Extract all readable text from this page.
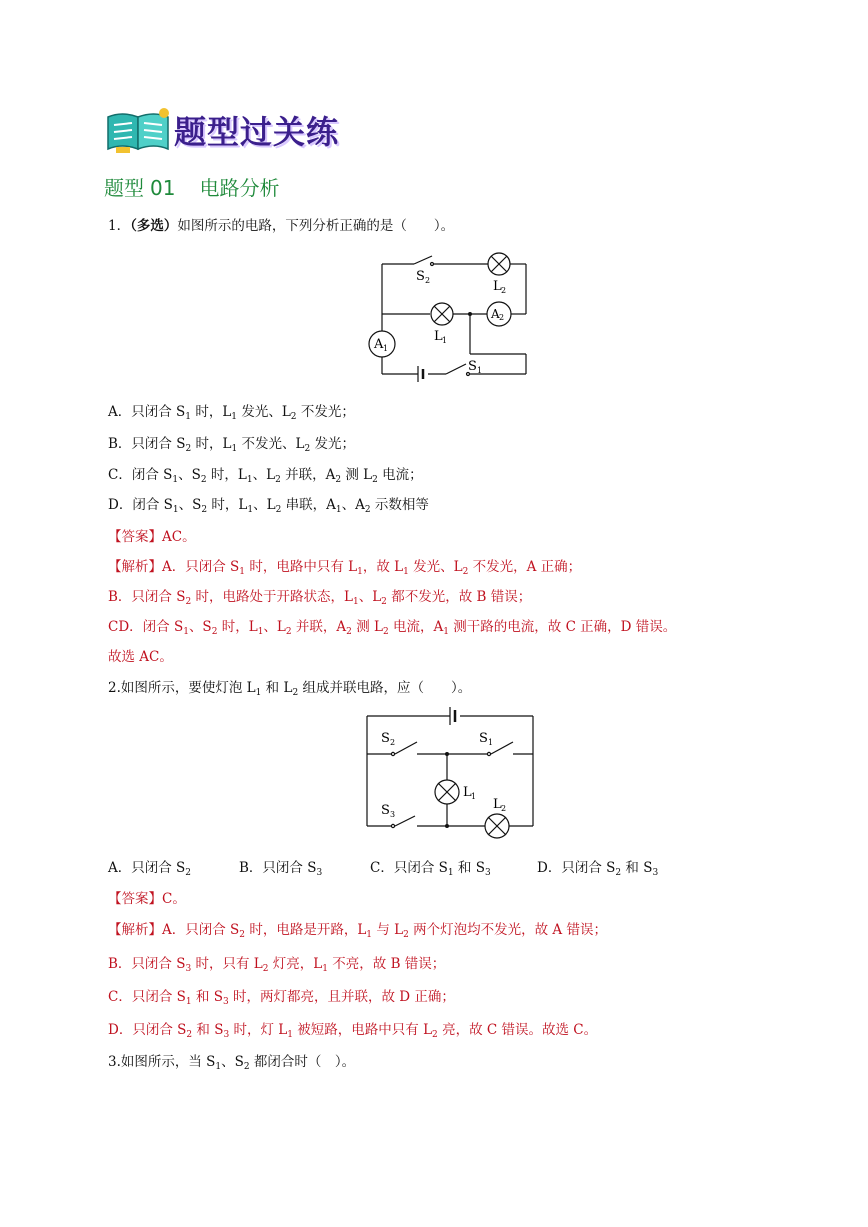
题型过关练
题型 01 电路分析
1．（多选）如图所示的电路，下列分析正确的是（　　）。
S 2	L 2
L 1
A 1
A 2
S 1
A．只闭合 $S_1$ 时，$L_1$ 发光、$L_2$ 不发光；
B．只闭合 $S_2$ 时，$L_1$ 不发光、$L_2$ 发光；
C．闭合 $S_1$、$S_2$ 时，$L_1$、$L_2$ 并联，$A_2$ 测 $L_2$ 电流；
D．闭合 $S_1$、$S_2$ 时，$L_1$、$L_2$ 串联，$A_1$、$A_2$ 示数相等
【答案】AC。
【解析】A．只闭合 $S_1$ 时，电路中只有 $L_1$，故 $L_1$ 发光、$L_2$ 不发光，A 正确；
B．只闭合 $S_2$ 时，电路处于开路状态，$L_1$、$L_2$ 都不发光，故 B 错误；
CD．闭合 $S_1$、$S_2$ 时，$L_1$、$L_2$ 并联，$A_2$ 测 $L_2$ 电流，$A_1$ 测干路的电流，故 C 正确，D 错误。
故选 AC。
2.如图所示，要使灯泡 $L_1$ 和 $L_2$ 组成并联电路，应（　　）。
S 2	S 1
L 1
S 3
L 2
A．只闭合 $S_2$	B．只闭合 $S_3$	C．只闭合 $S_1$ 和 $S_3$	D．只闭合 $S_2$ 和 $S_3$
【答案】C。
【解析】A．只闭合 $S_2$ 时，电路是开路，$L_1$ 与 $L_2$ 两个灯泡均不发光，故 A 错误；
B．只闭合 $S_3$ 时，只有 $L_2$ 灯亮，$L_1$ 不亮，故 B 错误；
C．只闭合 $S_1$ 和 $S_3$ 时，两灯都亮，且并联，故 D 正确；
D．只闭合 $S_2$ 和 $S_3$ 时，灯 $L_1$ 被短路，电路中只有 $L_2$ 亮，故 C 错误。故选 C。
3.如图所示，当 $S_1$、$S_2$ 都闭合时（　）。
